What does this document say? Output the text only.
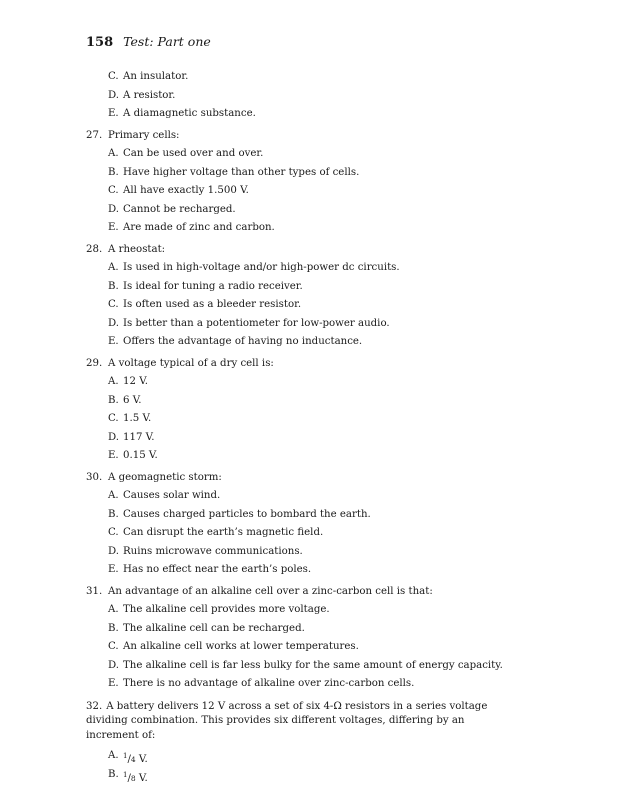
158 Test: Part one
C. An insulator.
D. A resistor.
E. A diamagnetic substance.
27. Primary cells:
A. Can be used over and over.
B. Have higher voltage than other types of cells.
C. All have exactly 1.500 V.
D. Cannot be recharged.
E. Are made of zinc and carbon.
28. A rheostat:
A. Is used in high-voltage and/or high-power dc circuits.
B. Is ideal for tuning a radio receiver.
C. Is often used as a bleeder resistor.
D. Is better than a potentiometer for low-power audio.
E. Offers the advantage of having no inductance.
29. A voltage typical of a dry cell is:
A. 12 V.
B. 6 V.
C. 1.5 V.
D. 117 V.
E. 0.15 V.
30. A geomagnetic storm:
A. Causes solar wind.
B. Causes charged particles to bombard the earth.
C. Can disrupt the earth’s magnetic field.
D. Ruins microwave communications.
E. Has no effect near the earth’s poles.
31. An advantage of an alkaline cell over a zinc-carbon cell is that:
A. The alkaline cell provides more voltage.
B. The alkaline cell can be recharged.
C. An alkaline cell works at lower temperatures.
D. The alkaline cell is far less bulky for the same amount of energy capacity.
E. There is no advantage of alkaline over zinc-carbon cells.
32. A battery delivers 12 V across a set of six 4-Ω resistors in a series voltage dividing combination. This provides six different voltages, differing by an increment of:
A. $^1$/4 V.
B. $^1$/8 V.
